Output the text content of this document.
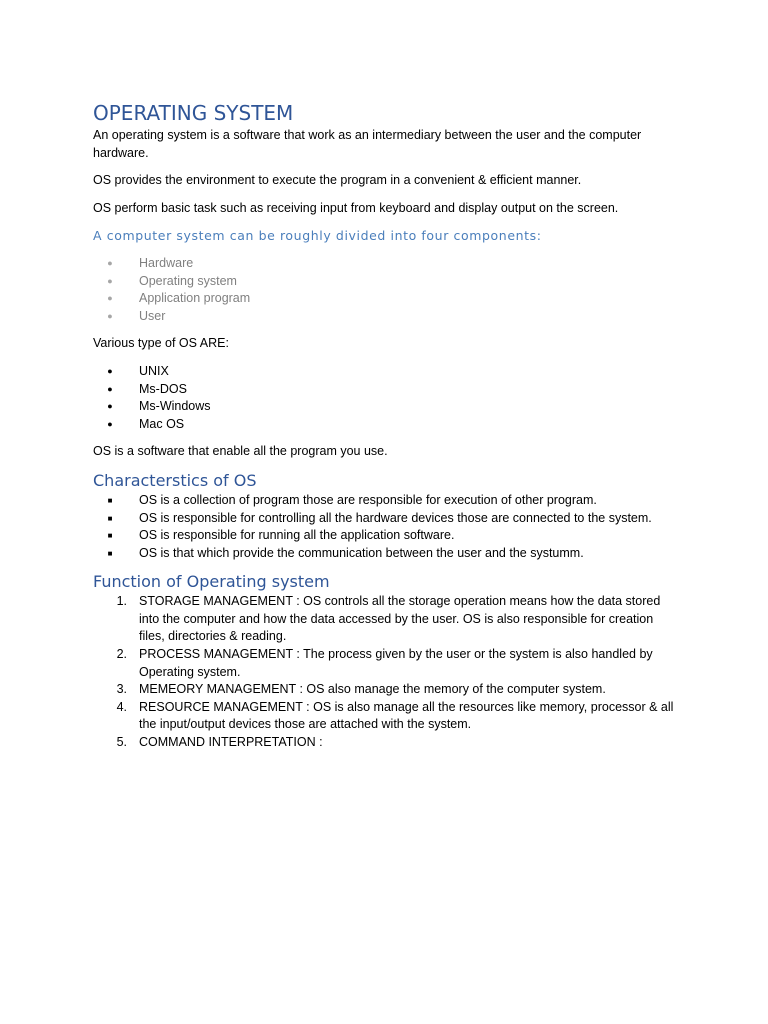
OPERATING SYSTEM

An operating system is a software that work as an intermediary between the user and the computer hardware.

OS provides the environment to execute the program in a convenient & efficient manner.

OS perform basic task such as receiving input from keyboard and display output on the screen.

A computer system can be roughly divided into four components:
●	Hardware
●	Operating system
●	Application program
●	User

Various type of OS ARE:

●	UNIX
●	Ms-DOS
●	Ms-Windows
●	Mac OS

OS is a software that enable all the program you use.

Characterstics of OS
■	OS is a collection of program those are responsible for execution of other program.
■	OS is responsible for controlling all the hardware devices those are connected to the system.
■	OS is responsible for running all the application software.
■	OS is that which provide the communication between the user and the systumm.
Function of Operating system
1. STORAGE MANAGEMENT : OS controls all the storage operation means how the data stored into the computer and how the data accessed by the user. OS is also responsible for creation files, directories & reading.
2. PROCESS MANAGEMENT : The process given by the user or the system is also handled by Operating system.
3. MEMEORY MANAGEMENT : OS also manage the memory of the computer system.
4. RESOURCE MANAGEMENT : OS is also manage all the resources like memory, processor & all the input/output devices those are attached with the system.
5. COMMAND INTERPRETATION :
